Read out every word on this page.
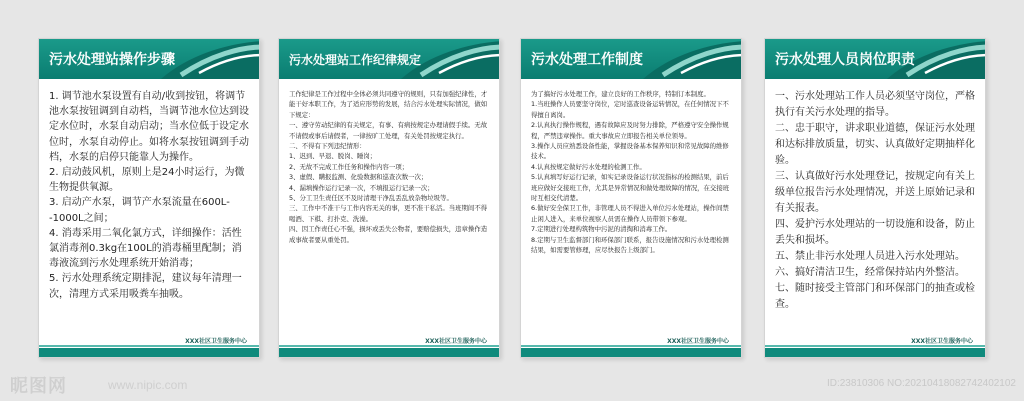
污水处理站操作步骤
1. 调节池水泵设置有自动/收到按钮，将调节池水泵按钮调到自动档，当调节池水位达到设定水位时，水泵自动启动；当水位低于设定水位时，水泵自动停止。如将水泵按钮调到手动档，水泵的启停只能靠人为操作。
2. 启动鼓风机，原则上是24小时运行，为微生物提供氧源。
3. 启动产水泵，调节产水泵流量在600L--1000L之间；
4. 消毒采用二氧化氯方式，详细操作：活性氯消毒剂0.3kg在100L的消毒桶里配制；消毒液流到污水处理系统开始消毒；
5. 污水处理系统定期排泥，建议每年清理一次，清理方式采用吸粪车抽吸。
XXX社区卫生服务中心
污水处理站工作纪律规定
工作纪律是工作过程中全体必须共同遵守的规则，只有加强纪律性，才能干好本职工作，为了适应形势的发展，结合污水处理实际情况，做如下规定：
一、遵守劳动纪律的有关规定，有事、有病按规定办理请假手续。无故不请假或事后请假者，一律按旷工处理，有关处罚按规定执行。
二、不得有下列违纪情形：
1、迟到、早退、脱岗、睡岗；
2、无故不完成工作任务和操作内容一项；
3、虚假、瞒报监测、化验数据和巡查次数一次；
4、漏填操作运行记录一次，不填报运行记录一次；
5、分工卫生责任区不及时清理干净乱丢乱放杂物垃圾等。
三、工作中不准干与工作内容无关的事，更不准干私活。当班期间不得喝酒、下棋、打扑克、洗澡。
四、因工作责任心不强，损坏或丢失公物者，要赔偿损失，违章操作造成事故者要从重处罚。
XXX社区卫生服务中心
污水处理工作制度
为了搞好污水处理工作，建立良好的工作秩序，特制订本制度。
1.当班操作人员要坚守岗位，定时巡查设备运转情况，在任何情况下不得擅自离岗。
2.认真执行操作规程，遇有故障应及时努力排除，严格遵守安全操作规程，严禁违章操作。重大事故应立即报告相关单位领导。
3.操作人员应熟悉设备性能，掌握设备基本保养知识和常见故障的维修技术。
4.认真按规定做好污水处理的检测工作。
5.认真填写好运行记录，如实记录设备运行状况指标的检测结果，前后班应做好交接班工作，尤其是异常情况和做处理故障的情况，在交接班时互相交代清楚。
6.做好安全保卫工作，非管理人员不得进入单位污水处理站，操作间禁止闲人进入，来单位视察人员需在操作人员带领下参观。
7.定期进行处理构筑物中污泥的清掏和消毒工作。
8.定期与卫生监督部门和环保部门联系，报告设施情况和污水处理检测结果，如需要管修理，应尽快报告上级部门。
XXX社区卫生服务中心
污水处理人员岗位职责
一、污水处理站工作人员必须坚守岗位，严格执行有关污水处理的指导。
二、忠于职守，讲求职业道德，保证污水处理和达标排放质量，切实、认真做好定期抽样化验。
三、认真做好污水处理登记，按规定向有关上级单位报告污水处理情况，并送上原始记录和有关报表。
四、爱护污水处理站的一切设施和设备，防止丢失和损坏。
五、禁止非污水处理人员进入污水处理站。
六、搞好清洁卫生，经常保持站内外整洁。
七、随时接受主管部门和环保部门的抽查或检查。
XXX社区卫生服务中心
昵图网	www.nipic.com	ID:23810306 NO:20210418082742402102
